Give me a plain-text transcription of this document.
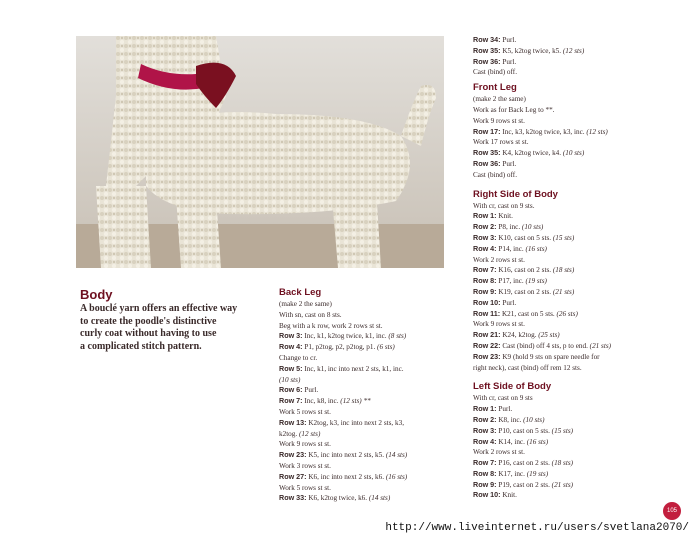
Body
A bouclé yarn offers an effective way
to create the poodle's distinctive
curly coat without having to use
a complicated stitch pattern.
Back Leg
(make 2 the same)
With sn, cast on 8 sts.
Beg with a k row, work 2 rows st st.
Row 3: Inc, k1, k2tog twice, k1, inc. (8 sts)
Row 4: P1, p2tog, p2, p2tog, p1. (6 sts)
Change to cr.
Row 5: Inc, k1, inc into next 2 sts, k1, inc.
(10 sts)
Row 6: Purl.
Row 7: Inc, k8, inc. (12 sts) **
Work 5 rows st st.
Row 13: K2tog, k3, inc into next 2 sts, k3,
k2tog. (12 sts)
Work 9 rows st st.
Row 23: K5, inc into next 2 sts, k5. (14 sts)
Work 3 rows st st.
Row 27: K6, inc into next 2 sts, k6. (16 sts)
Work 5 rows st st.
Row 33: K6, k2tog twice, k6. (14 sts)
Row 34: Purl.
Row 35: K5, k2tog twice, k5. (12 sts)
Row 36: Purl.
Cast (bind) off.
Front Leg
(make 2 the same)
Work as for Back Leg to **.
Work 9 rows st st.
Row 17: Inc, k3, k2tog twice, k3, inc. (12 sts)
Work 17 rows st st.
Row 35: K4, k2tog twice, k4. (10 sts)
Row 36: Purl.
Cast (bind) off.
Right Side of Body
With cr, cast on 9 sts.
Row 1: Knit.
Row 2: P8, inc. (10 sts)
Row 3: K10, cast on 5 sts. (15 sts)
Row 4: P14, inc. (16 sts)
Work 2 rows st st.
Row 7: K16, cast on 2 sts. (18 sts)
Row 8: P17, inc. (19 sts)
Row 9: K19, cast on 2 sts. (21 sts)
Row 10: Purl.
Row 11: K21, cast on 5 sts. (26 sts)
Work 9 rows st st.
Row 21: K24, k2tog. (25 sts)
Row 22: Cast (bind) off 4 sts, p to end. (21 sts)
Row 23: K9 (hold 9 sts on spare needle for
right neck), cast (bind) off rem 12 sts.
Left Side of Body
With cr, cast on 9 sts
Row 1: Purl.
Row 2: K8, inc. (10 sts)
Row 3: P10, cast on 5 sts. (15 sts)
Row 4: K14, inc. (16 sts)
Work 2 rows st st.
Row 7: P16, cast on 2 sts. (18 sts)
Row 8: K17, inc. (19 sts)
Row 9: P19, cast on 2 sts. (21 sts)
Row 10: Knit.
105
http://www.liveinternet.ru/users/svetlana2070/
